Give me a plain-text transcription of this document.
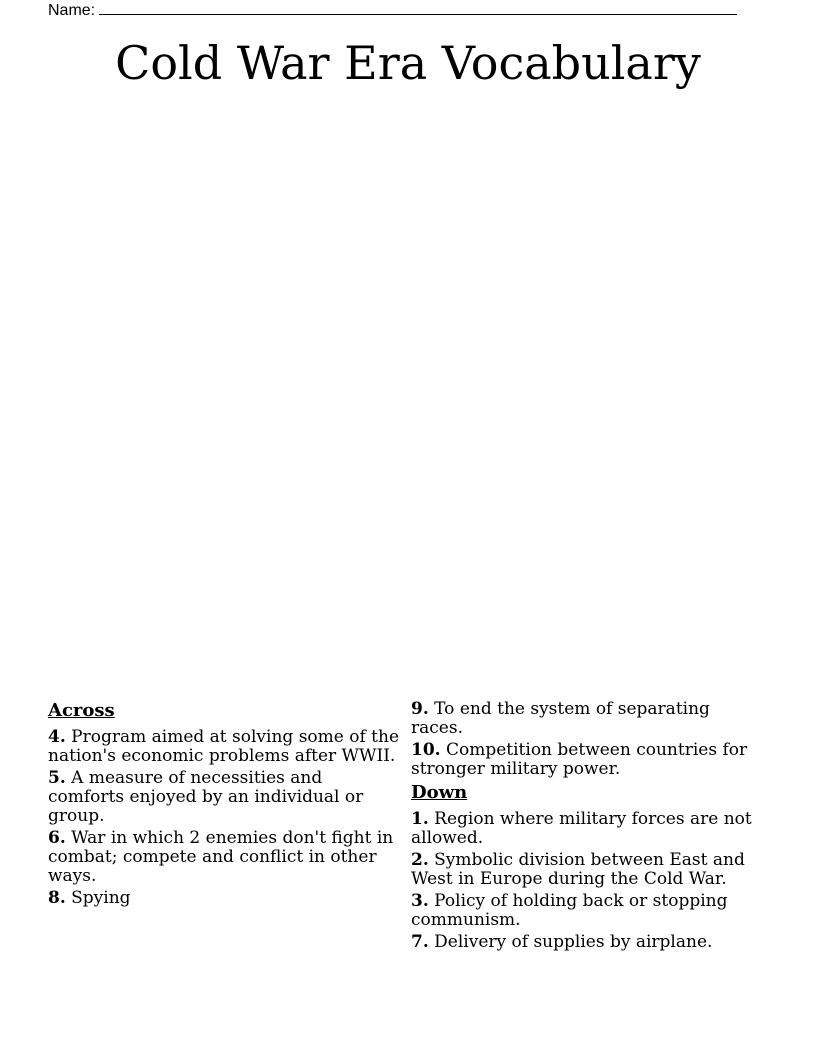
Name:
Cold War Era Vocabulary
Across
4. Program aimed at solving some of the nation's economic problems after WWII.
5. A measure of necessities and comforts enjoyed by an individual or group.
6. War in which 2 enemies don't fight in combat; compete and conflict in other ways.
8. Spying
9. To end the system of separating races.
10. Competition between countries for stronger military power.
Down
1. Region where military forces are not allowed.
2. Symbolic division between East and West in Europe during the Cold War.
3. Policy of holding back or stopping communism.
7. Delivery of supplies by airplane.
